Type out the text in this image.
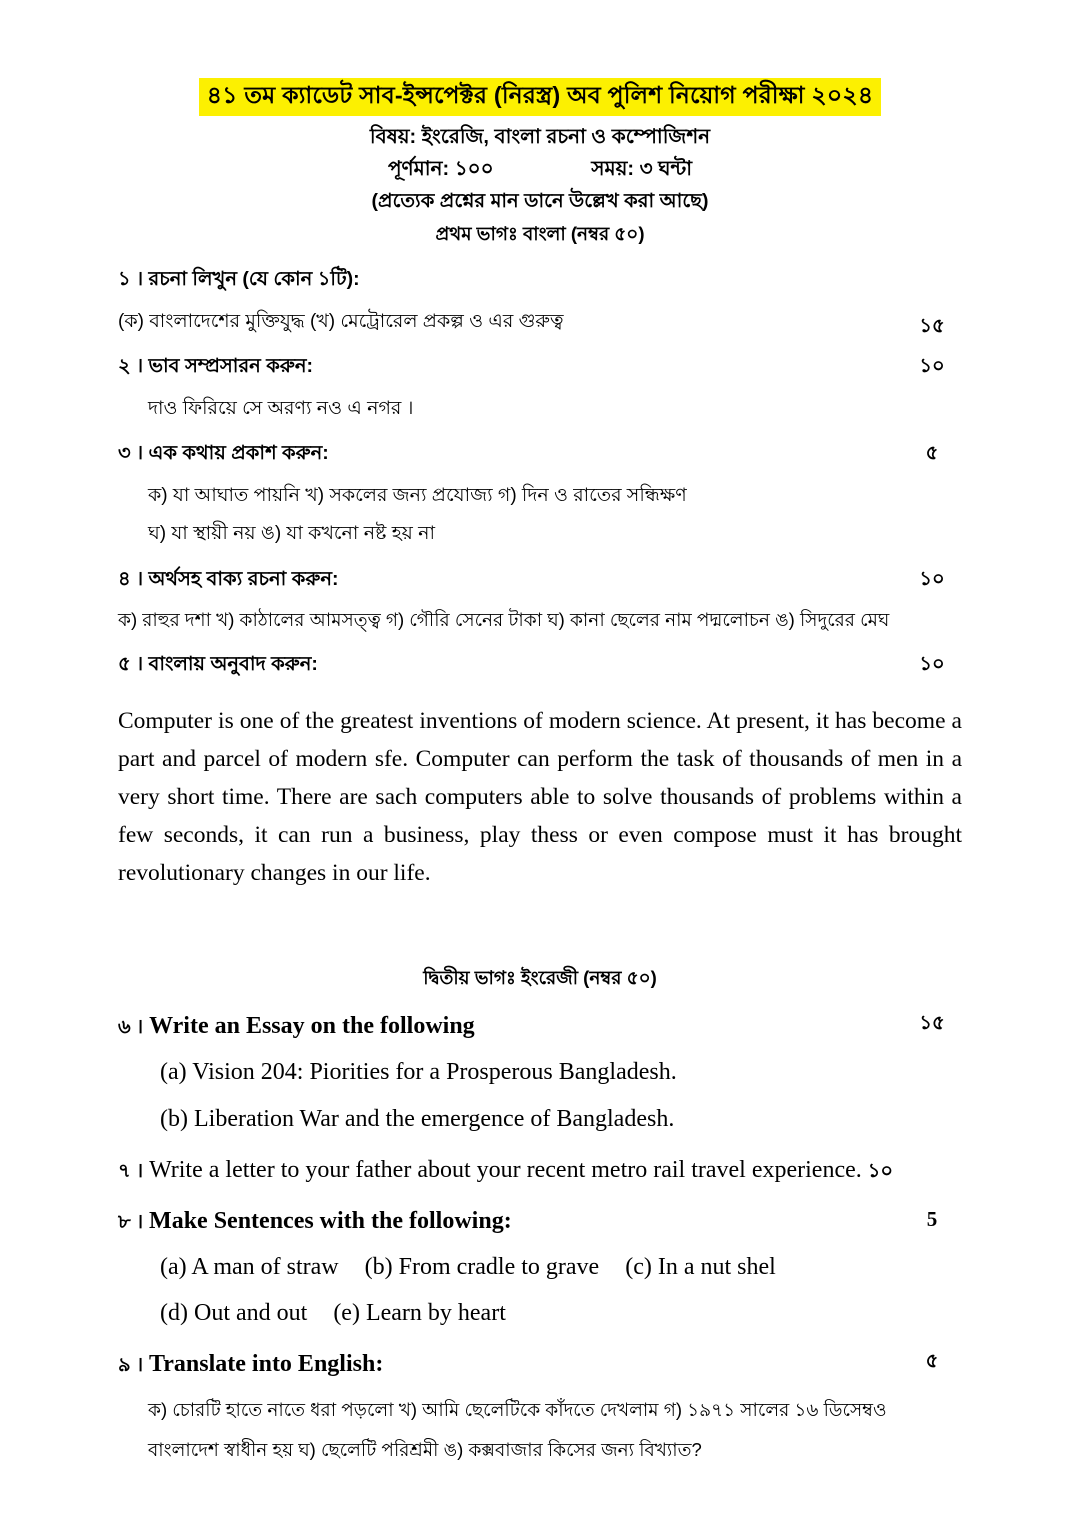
৪১ তম ক্যাডেট সাব-ইন্সপেক্টর (নিরস্ত্র) অব পুলিশ নিয়োগ পরীক্ষা ২০২৪
বিষয়: ইংরেজি, বাংলা রচনা ও কম্পোজিশন
পূর্ণমান: ১০০	সময়: ৩ ঘন্টা
(প্রত্যেক প্রশ্নের মান ডানে উল্লেখ করা আছে)
প্রথম ভাগঃ বাংলা (নম্বর ৫০)
১ । রচনা লিখুন (যে কোন ১টি):
(ক) বাংলাদেশের মুক্তিযুদ্ধ (খ) মেট্রোরেল প্রকল্প ও এর গুরুত্ব	১৫
২ । ভাব সম্প্রসারন করুন:
দাও ফিরিয়ে সে অরণ্য নও এ নগর ।
১০
৩ । এক কথায় প্রকাশ করুন:
ক) যা আঘাত পায়নি খ) সকলের জন্য প্রযোজ্য গ) দিন ও রাতের সন্ধিক্ষণ
ঘ) যা স্থায়ী নয় ঙ) যা কখনো নষ্ট হয় না
৫
৪ । অর্থসহ বাক্য রচনা করুন:
ক) রাহুর দশা খ) কাঠালের আমসত্ত্ব গ) গৌরি সেনের টাকা ঘ) কানা ছেলের নাম পদ্মলোচন ঙ) সিদুরের মেঘ
১০
৫ । বাংলায় অনুবাদ করুন:	১০

Computer is one of the greatest inventions of modern science. At present, it has become a part and parcel of modern sfe. Computer can perform the task of thousands of men in a very short time. There are sach computers able to solve thousands of problems within a few seconds, it can run a business, play thess or even compose must it has brought revolutionary changes in our life.

দ্বিতীয় ভাগঃ ইংরেজী (নম্বর ৫০)
৬ । Write an Essay on the following
(a) Vision 204: Piorities for a Prosperous Bangladesh.
(b) Liberation War and the emergence of Bangladesh.
১৫
৭ । Write a letter to your father about your recent metro rail travel experience. ১০
৮ । Make Sentences with the following:
(a) A man of straw (b) From cradle to grave (c) In a nut shel
(d) Out and out (e) Learn by heart
5
৯ । Translate into English:
ক) চোরটি হাতে নাতে ধরা পড়লো খ) আমি ছেলেটিকে কাঁদতে দেখলাম গ) ১৯৭১ সালের ১৬ ডিসেম্বও
বাংলাদেশ স্বাধীন হয় ঘ) ছেলেটি পরিশ্রমী ঙ) কক্সবাজার কিসের জন্য বিখ্যাত?
৫
